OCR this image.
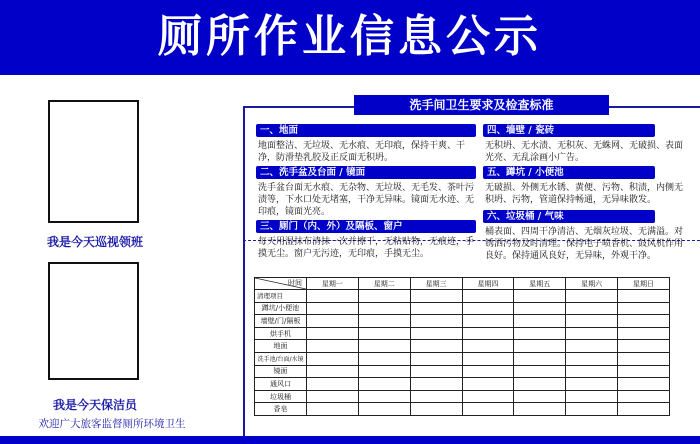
厕所作业信息公示
我是今天巡视领班
我是今天保洁员
欢迎广大旅客监督厕所环境卫生
洗手间卫生要求及检查标准
一、地面
地面整洁、无垃圾、无水痕、无印痕，保持干爽、干净，防滑垫乳胶及正反面无积坍。
二、洗手盆及台面 / 镜面
洗手盆台面无水痕、无杂物、无垃圾、无毛发、茶叶污渍等，下水口处无堵塞，干净无异味。镜面无水迹、无印痕，镜面光亮。
三、厕门（内、外）及隔板、窗户
每天用湿抹布清抹一次并擦干，无粘贴物，无痕迹，手摸无尘。窗户无污迹，无印痕，手摸无尘。
四、墙壁 / 瓷砖
无积坍、无水渍、无积灰、无蛛网、无破损、表面光亮、无乱涂画小广告。
五、蹲坑 / 小便池
无破损、外侧无水锈、黄便、污物、积渍，内侧无积坍、污物，管道保持畅通，无异味散发。
六、垃圾桶 / 气味
桶表面、四周干净清洁、无烟灰垃圾、无满溢。对锈洒污物及时清理。保持电子喷香机、鼓风机作用良好。保持通风良好，无异味，外观干净。
时间	星期一	星期二	星期三	星期四	星期五	星期六	星期日
清理项目							
蹲坑/小便池							
墙壁/门/隔板							
烘手机							
地面							
洗手池/台面/水镜							
镜面							
通风口							
垃圾桶							
香皂							
